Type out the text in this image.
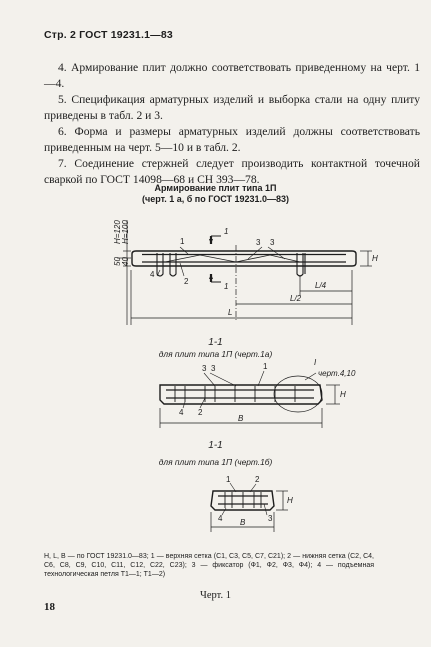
Стр. 2 ГОСТ 19231.1—83

4. Армирование плит должно соответствовать приведенному на черт. 1—4.

5. Спецификация арматурных изделий и выборка стали на одну плиту приведены в табл. 2 и 3.

6. Форма и размеры арматурных изделий должны соответствовать приведенным на черт. 5—10 и в табл. 2.

7. Соединение стержней следует производить контактной точечной сваркой по ГОСТ 14098—68 и СН 393—78.

Армирование плит типа 1П
(черт. 1 а, б по ГОСТ 19231.0—83)
Н=120 Н=100
50 40	Н
L/4
L/2
L
1
2
3 3
4
1
1
1-1
для плит типа 1П (черт.1а)
3 3	1	I
черт.4,10
Н
4 2
В
1-1
для плит типа 1П (черт.1б)
1	2
Н
4	3
В
Н, L, В — по ГОСТ 19231.0—83; 1 — верхняя сетка (С1, С3, С5, С7, С21); 2 — нижняя сетка (С2, С4, С6, С8, С9, С10, С11, С12, С22, С23); 3 — фиксатор (Ф1, Ф2, Ф3, Ф4); 4 — подъемная технологическая петля Т1—1; Т1—2)
Черт. 1
18
